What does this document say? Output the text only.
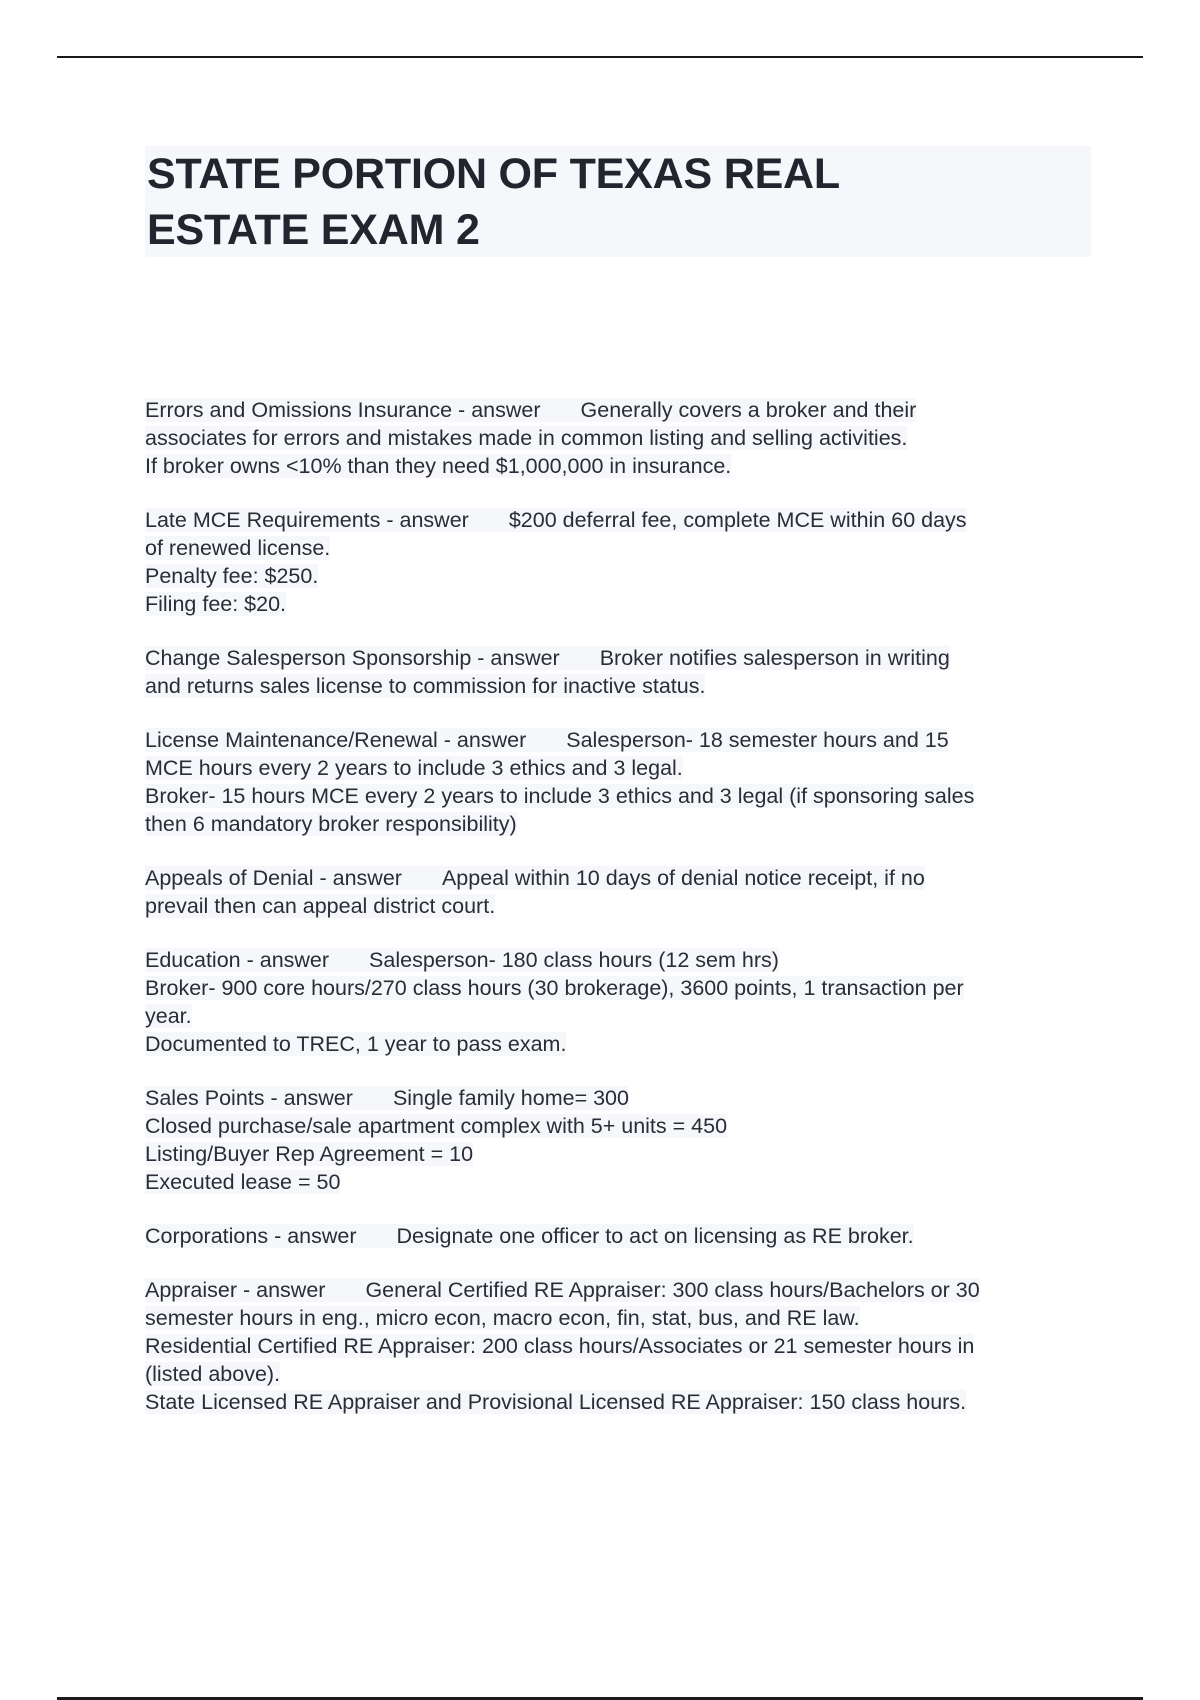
STATE PORTION OF TEXAS REAL
ESTATE EXAM 2
Errors and Omissions Insurance - answer Generally covers a broker and their
associates for errors and mistakes made in common listing and selling activities.
If broker owns <10% than they need $1,000,000 in insurance.
Late MCE Requirements - answer $200 deferral fee, complete MCE within 60 days
of renewed license.
Penalty fee: $250.
Filing fee: $20.
Change Salesperson Sponsorship - answer Broker notifies salesperson in writing
and returns sales license to commission for inactive status.
License Maintenance/Renewal - answer Salesperson- 18 semester hours and 15
MCE hours every 2 years to include 3 ethics and 3 legal.
Broker- 15 hours MCE every 2 years to include 3 ethics and 3 legal (if sponsoring sales
then 6 mandatory broker responsibility)
Appeals of Denial - answer Appeal within 10 days of denial notice receipt, if no
prevail then can appeal district court.
Education - answer Salesperson- 180 class hours (12 sem hrs)
Broker- 900 core hours/270 class hours (30 brokerage), 3600 points, 1 transaction per
year.
Documented to TREC, 1 year to pass exam.
Sales Points - answer Single family home= 300
Closed purchase/sale apartment complex with 5+ units = 450
Listing/Buyer Rep Agreement = 10
Executed lease = 50
Corporations - answer Designate one officer to act on licensing as RE broker.
Appraiser - answer General Certified RE Appraiser: 300 class hours/Bachelors or 30
semester hours in eng., micro econ, macro econ, fin, stat, bus, and RE law.
Residential Certified RE Appraiser: 200 class hours/Associates or 21 semester hours in
(listed above).
State Licensed RE Appraiser and Provisional Licensed RE Appraiser: 150 class hours.
